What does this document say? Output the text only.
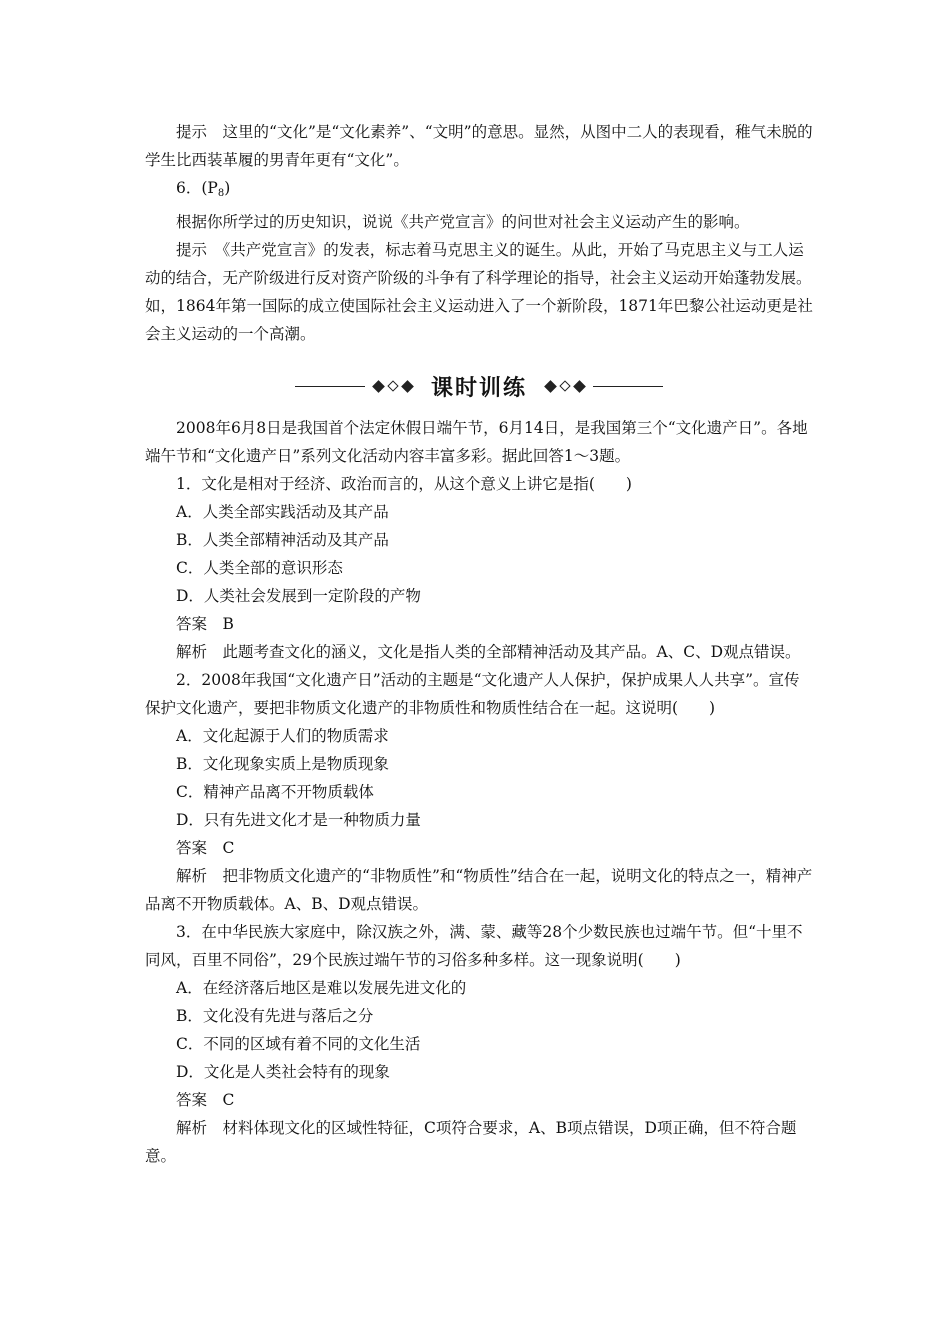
提示　 这里的“文化”是“文化素养”、“文明”的意思。显然，从图中二人的表现看，稚气未脱的学生比西装革履的男青年更有“文化”。

6．$(P_8)$

根据你所学过的历史知识，说说《共产党宣言》的问世对社会主义运动产生的影响。

提示　 《共产党宣言》的发表，标志着马克思主义的诞生。从此，开始了马克思主义与工人运动的结合，无产阶级进行反对资产阶级的斗争有了科学理论的指导，社会主义运动开始蓬勃发展。如，1864年第一国际的成立使国际社会主义运动进入了一个新阶段，1871年巴黎公社运动更是社会主义运动的一个高潮。

课时训练

2008年6月8日是我国首个法定休假日端午节，6月14日，是我国第三个“文化遗产日”。各地端午节和“文化遗产日”系列文化活动内容丰富多彩。据此回答1～3题。

1．文化是相对于经济、政治而言的，从这个意义上讲它是指(　　)

A．人类全部实践活动及其产品

B．人类全部精神活动及其产品

C．人类全部的意识形态

D．人类社会发展到一定阶段的产物

答案　 B

解析　 此题考查文化的涵义，文化是指人类的全部精神活动及其产品。A、C、D观点错误。

2．2008年我国“文化遗产日”活动的主题是“文化遗产人人保护，保护成果人人共享”。宣传保护文化遗产，要把非物质文化遗产的非物质性和物质性结合在一起。这说明(　　)

A．文化起源于人们的物质需求

B．文化现象实质上是物质现象

C．精神产品离不开物质载体

D．只有先进文化才是一种物质力量

答案　 C

解析　 把非物质文化遗产的“非物质性”和“物质性”结合在一起，说明文化的特点之一，精神产品离不开物质载体。A、B、D观点错误。

3．在中华民族大家庭中，除汉族之外，满、蒙、藏等28个少数民族也过端午节。但“十里不同风，百里不同俗”，29个民族过端午节的习俗多种多样。这一现象说明(　　)

A．在经济落后地区是难以发展先进文化的

B．文化没有先进与落后之分

C．不同的区域有着不同的文化生活

D．文化是人类社会特有的现象

答案　 C

解析　 材料体现文化的区域性特征，C项符合要求，A、B项点错误，D项正确，但不符合题意。
